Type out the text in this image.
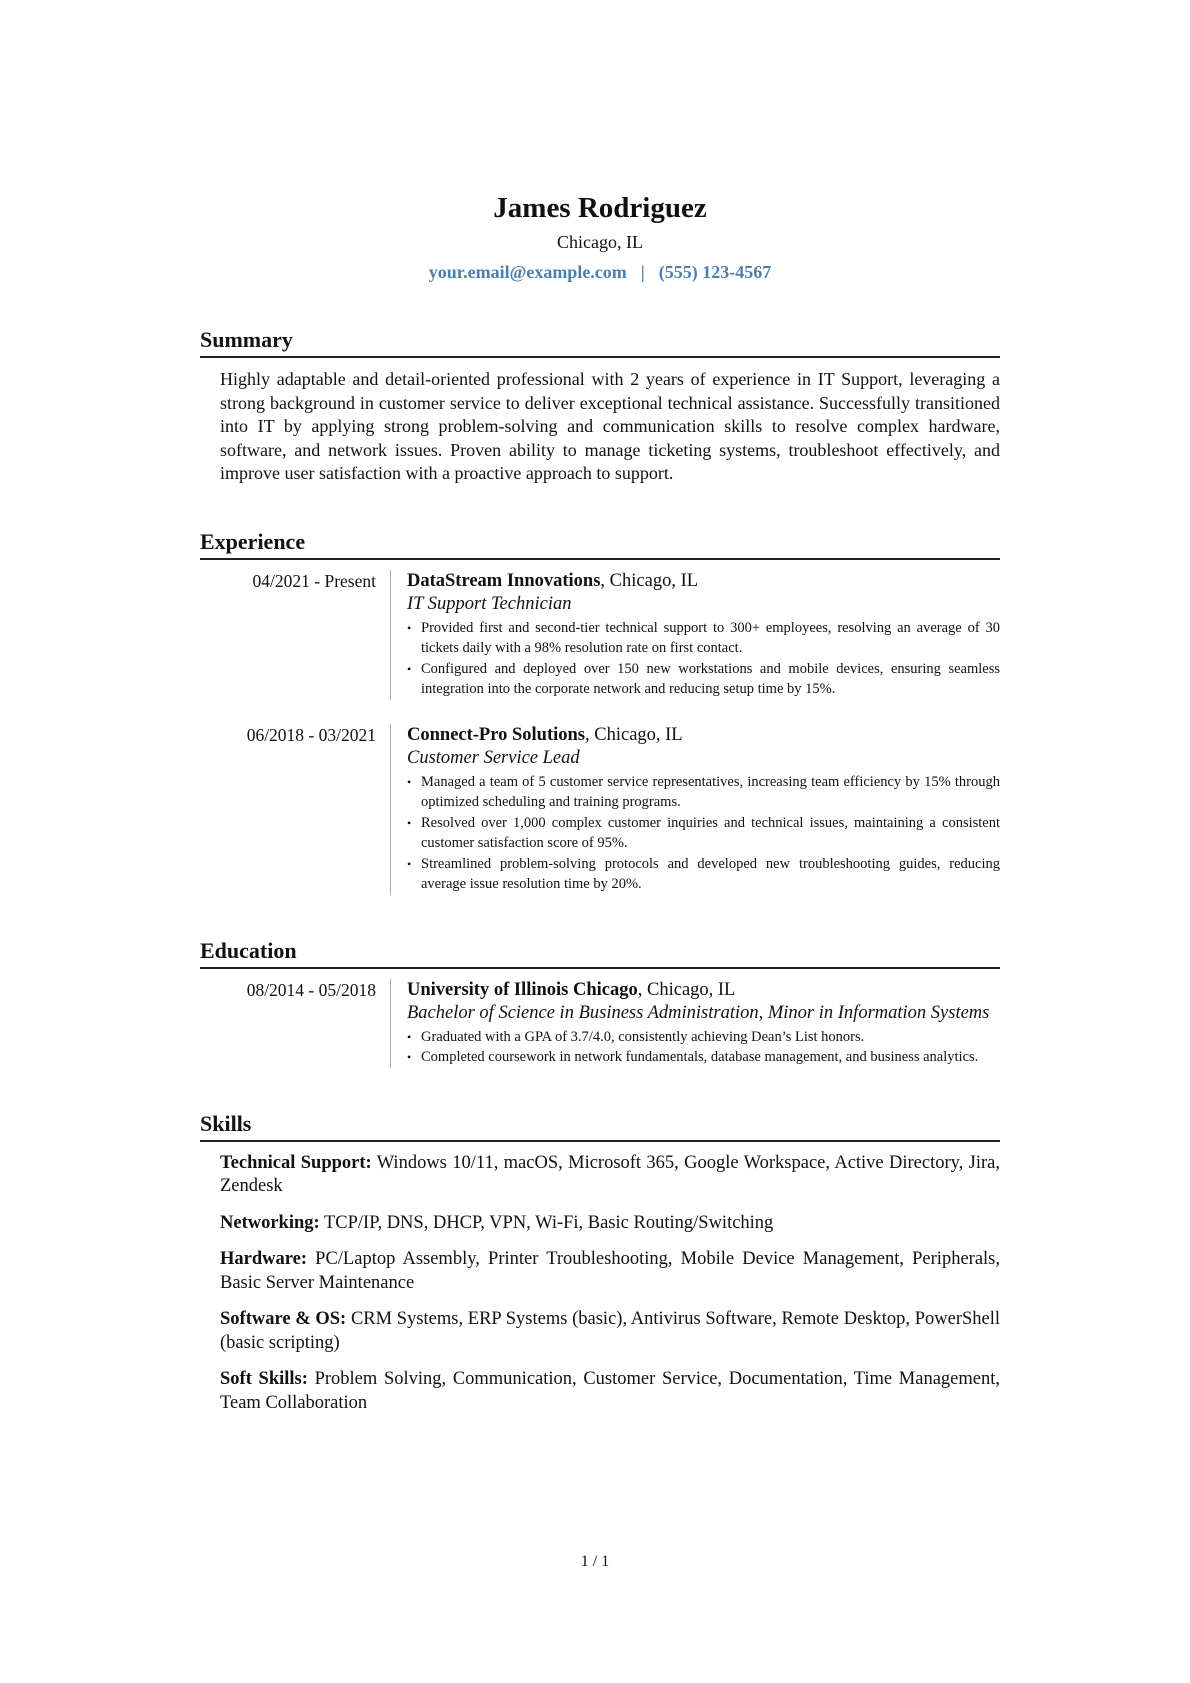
James Rodriguez
Chicago, IL
your.email@example.com | (555) 123-4567
Summary

Highly adaptable and detail-oriented professional with 2 years of experience in IT Support, leveraging a strong background in customer service to deliver exceptional technical assistance. Successfully transitioned into IT by applying strong problem-solving and communication skills to resolve complex hardware, software, and network issues. Proven ability to manage ticketing systems, troubleshoot effectively, and improve user satisfaction with a proactive approach to support.

Experience
04/2021 - Present	DataStream Innovations, Chicago, IL
IT Support Technician
• Provided first and second-tier technical support to 300+ employees, resolving an average of 30 tickets daily with a 98% resolution rate on first contact.
• Configured and deployed over 150 new workstations and mobile devices, ensuring seamless integration into the corporate network and reducing setup time by 15%.
06/2018 - 03/2021	Connect-Pro Solutions, Chicago, IL
Customer Service Lead
• Managed a team of 5 customer service representatives, increasing team efficiency by 15% through optimized scheduling and training programs.
• Resolved over 1,000 complex customer inquiries and technical issues, maintaining a consistent customer satisfaction score of 95%.
• Streamlined problem-solving protocols and developed new troubleshooting guides, reducing average issue resolution time by 20%.
Education
08/2014 - 05/2018	University of Illinois Chicago, Chicago, IL
Bachelor of Science in Business Administration, Minor in Information Systems
• Graduated with a GPA of 3.7/4.0, consistently achieving Dean’s List honors.
• Completed coursework in network fundamentals, database management, and business analytics.
Skills

Technical Support: Windows 10/11, macOS, Microsoft 365, Google Workspace, Active Directory, Jira, Zendesk

Networking: TCP/IP, DNS, DHCP, VPN, Wi-Fi, Basic Routing/Switching

Hardware: PC/Laptop Assembly, Printer Troubleshooting, Mobile Device Management, Peripherals, Basic Server Maintenance

Software & OS: CRM Systems, ERP Systems (basic), Antivirus Software, Remote Desktop, PowerShell (basic scripting)

Soft Skills: Problem Solving, Communication, Customer Service, Documentation, Time Management, Team Collaboration

1 / 1
